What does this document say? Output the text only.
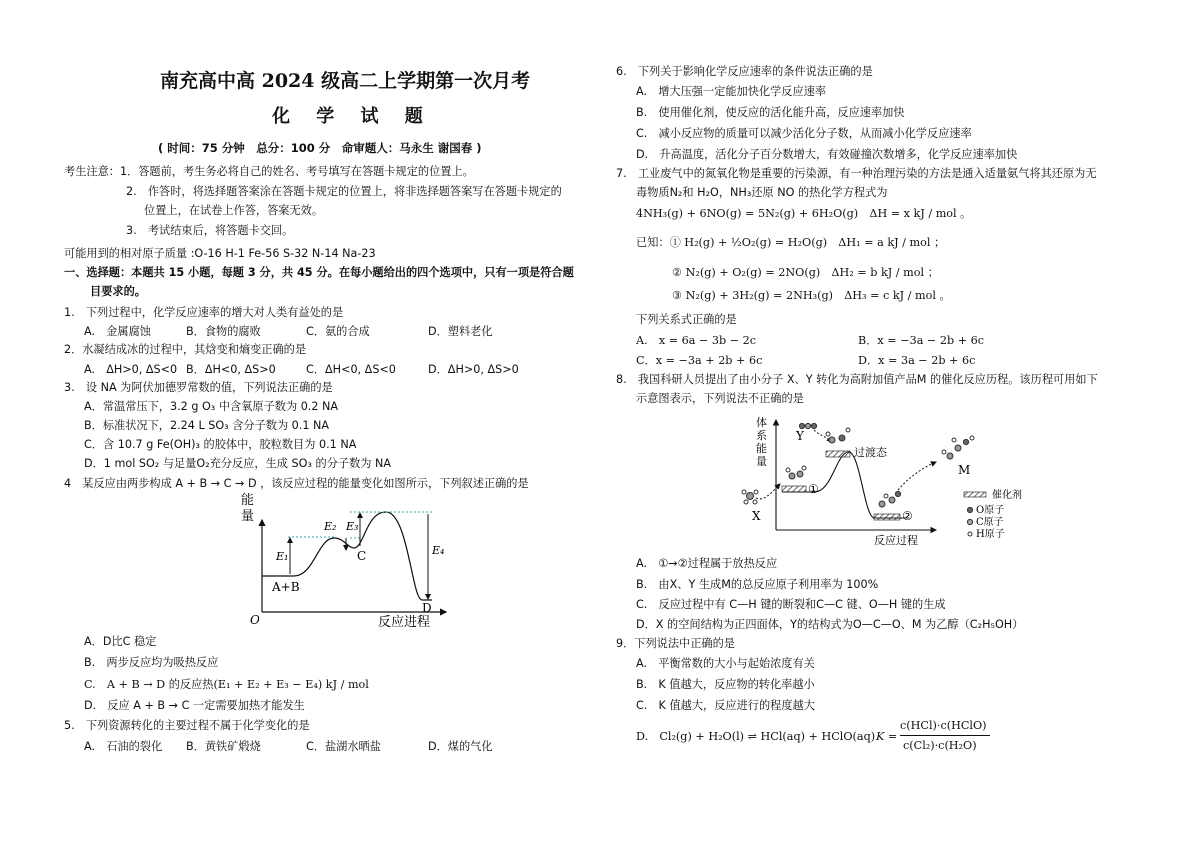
南充高中高 2024 级高二上学期第一次月考
化 学 试 题
( 时间：75 分钟　总分：100 分　命审题人：马永生 谢国春 )
考生注意：1．答题前，考生务必将自己的姓名、考号填写在答题卡规定的位置上。
2.　作答时，将选择题答案涂在答题卡规定的位置上，将非选择题答案写在答题卡规定的
位置上，在试卷上作答，答案无效。
3.　考试结束后，将答题卡交回。
可能用到的相对原子质量 :O-16 H-1 Fe-56 S-32 N-14 Na-23
一、选择题：本题共 15 小题，每题 3 分，共 45 分。在每小题给出的四个选项中，只有一项是符合题
目要求的。
1.　下列过程中，化学反应速率的增大对人类有益处的是
A.　金属腐蚀	B．食物的腐败	C．氨的合成	D．塑料老化
2．水凝结成冰的过程中，其焓变和熵变正确的是
A.　ΔH>0, ΔS<0 B．ΔH<0, ΔS>0	C．ΔH<0, ΔS<0	D．ΔH>0, ΔS>0
3.　设 NA 为阿伏加德罗常数的值，下列说法正确的是
A．常温常压下，3.2 g O₃ 中含氧原子数为 0.2 NA
B．标准状况下，2.24 L SO₃ 含分子数为 0.1 NA
C．含 10.7 g Fe(OH)₃ 的胶体中，胶粒数目为 0.1 NA
D．1 mol SO₂ 与足量O₂充分反应，生成 SO₃ 的分子数为 NA
4　某反应由两步构成 A + B → C → D ，该反应过程的能量变化如图所示，下列叙述正确的是
能
量
O	反应进程
E₁
E₂ E₃
E₄
A+B
C
D
A．D比C 稳定
B.　两步反应均为吸热反应
C.　A + B → D 的反应热(E₁ + E₂ + E₃ − E₄) kJ / mol
D.　反应 A + B → C 一定需要加热才能发生
5.　下列资源转化的主要过程不属于化学变化的是
A.　石油的裂化 B．黄铁矿煅烧	C．盐湖水晒盐	D．煤的气化
6.　下列关于影响化学反应速率的条件说法正确的是
A.　增大压强一定能加快化学反应速率
B.　使用催化剂，使反应的活化能升高，反应速率加快
C.　减小反应物的质量可以减少活化分子数，从而减小化学反应速率
D.　升高温度，活化分子百分数增大，有效碰撞次数增多，化学反应速率加快
7.　工业废气中的氮氧化物是重要的污染源，有一种治理污染的方法是通入适量氨气将其还原为无
毒物质N₂和 H₂O，NH₃还原 NO 的热化学方程式为
4NH₃(g) + 6NO(g) = 5N₂(g) + 6H₂O(g)　ΔH = x kJ / mol 。
已知：① H₂(g) + ½O₂(g) = H₂O(g)　ΔH₁ = a kJ / mol ；
② N₂(g) + O₂(g) = 2NO(g)　ΔH₂ = b kJ / mol ；
③ N₂(g) + 3H₂(g) = 2NH₃(g)　ΔH₃ = c kJ / mol 。
下列关系式正确的是
A.　x = 6a − 3b − 2c	B．x = −3a − 2b + 6c
C．x = −3a + 2b + 6c	D．x = 3a − 2b + 6c
8.　我国科研人员提出了由小分子 X、Y 转化为高附加值产品M 的催化反应历程。该历程可用如下
示意图表示，下列说法不正确的是
体
系
能
量
反应过程
过渡态
①
②
X
Y
M
催化剂
O原子
C原子
H原子
A.　①→②过程属于放热反应
B.　由X、Y 生成M的总反应原子利用率为 100%
C.　反应过程中有 C—H 键的断裂和C—C 键、O—H 键的生成
D．X 的空间结构为正四面体，Y的结构式为O—C—O、M 为乙醇（C₂H₅OH）
9．下列说法中正确的是
A.　平衡常数的大小与起始浓度有关
B.　K 值越大，反应物的转化率越小
C.　K 值越大，反应进行的程度越大
D.　Cl₂(g) + H₂O(l) ⇌ HCl(aq) + HClO(aq) K =
c(HCl)·c(HClO)
c(Cl₂)·c(H₂O)
